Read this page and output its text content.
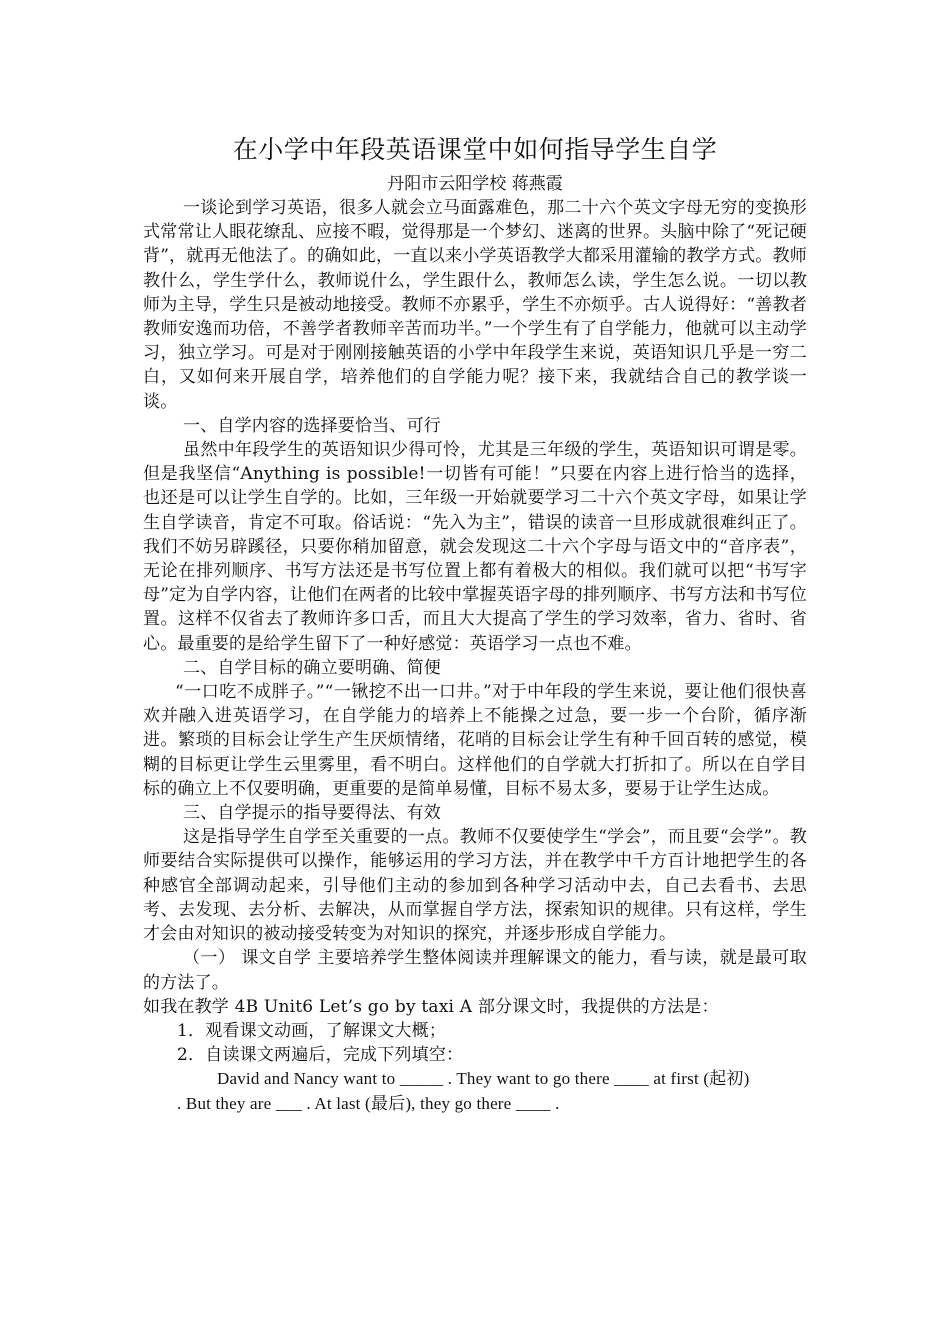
在小学中年段英语课堂中如何指导学生自学

丹阳市云阳学校 蒋燕霞

一谈论到学习英语，很多人就会立马面露难色，那二十六个英文字母无穷的变换形式常常让人眼花缭乱、应接不暇，觉得那是一个梦幻、迷离的世界。头脑中除了“死记硬背”，就再无他法了。的确如此，一直以来小学英语教学大都采用灌输的教学方式。教师教什么，学生学什么，教师说什么，学生跟什么，教师怎么读，学生怎么说。一切以教师为主导，学生只是被动地接受。教师不亦累乎，学生不亦烦乎。古人说得好：“善教者教师安逸而功倍，不善学者教师辛苦而功半。”一个学生有了自学能力，他就可以主动学习，独立学习。可是对于刚刚接触英语的小学中年段学生来说，英语知识几乎是一穷二白，又如何来开展自学，培养他们的自学能力呢？接下来，我就结合自己的教学谈一谈。

一、自学内容的选择要恰当、可行

虽然中年段学生的英语知识少得可怜，尤其是三年级的学生，英语知识可谓是零。但是我坚信“Anything is possible!一切皆有可能！”只要在内容上进行恰当的选择，也还是可以让学生自学的。比如，三年级一开始就要学习二十六个英文字母，如果让学生自学读音，肯定不可取。俗话说：“先入为主”，错误的读音一旦形成就很难纠正了。我们不妨另辟蹊径，只要你稍加留意，就会发现这二十六个字母与语文中的“音序表”，无论在排列顺序、书写方法还是书写位置上都有着极大的相似。我们就可以把“书写字母”定为自学内容，让他们在两者的比较中掌握英语字母的排列顺序、书写方法和书写位置。这样不仅省去了教师许多口舌，而且大大提高了学生的学习效率，省力、省时、省心。最重要的是给学生留下了一种好感觉：英语学习一点也不难。

二、自学目标的确立要明确、简便

“一口吃不成胖子。”“一锹挖不出一口井。”对于中年段的学生来说，要让他们很快喜欢并融入进英语学习，在自学能力的培养上不能操之过急，要一步一个台阶，循序渐进。繁琐的目标会让学生产生厌烦情绪，花哨的目标会让学生有种千回百转的感觉，模糊的目标更让学生云里雾里，看不明白。这样他们的自学就大打折扣了。所以在自学目标的确立上不仅要明确，更重要的是简单易懂，目标不易太多，要易于让学生达成。

三、自学提示的指导要得法、有效

这是指导学生自学至关重要的一点。教师不仅要使学生“学会”，而且要“会学”。教师要结合实际提供可以操作，能够运用的学习方法，并在教学中千方百计地把学生的各种感官全部调动起来，引导他们主动的参加到各种学习活动中去，自己去看书、去思考、去发现、去分析、去解决，从而掌握自学方法，探索知识的规律。只有这样，学生才会由对知识的被动接受转变为对知识的探究，并逐步形成自学能力。

（一） 课文自学 主要培养学生整体阅读并理解课文的能力，看与读，就是最可取的方法了。

如我在教学 4B Unit6 Let’s go by taxi A 部分课文时，我提供的方法是：

1．观看课文动画，了解课文大概；

2．自读课文两遍后，完成下列填空：

David and Nancy want to _____ . They want to go there ____ at first (起初)

. But they are ___ . At last (最后), they go there ____ .
